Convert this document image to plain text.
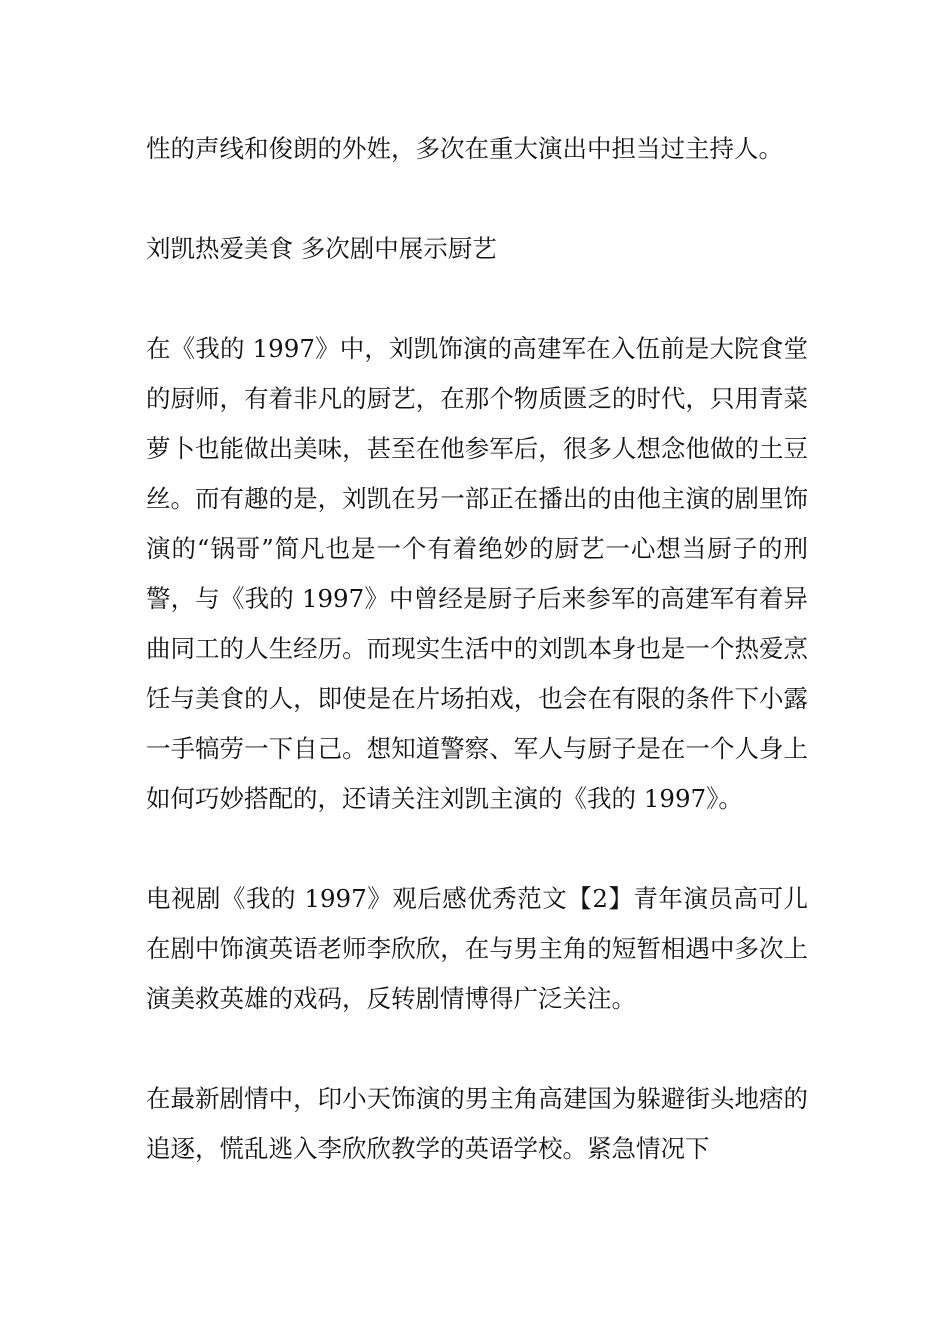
性的声线和俊朗的外姓，多次在重大演出中担当过主持人。

刘凯热爱美食 多次剧中展示厨艺

在《我的 1997》中，刘凯饰演的高建军在入伍前是大院食堂的厨师，有着非凡的厨艺，在那个物质匮乏的时代，只用青菜萝卜也能做出美味，甚至在他参军后，很多人想念他做的土豆丝。而有趣的是，刘凯在另一部正在播出的由他主演的剧里饰演的“锅哥”简凡也是一个有着绝妙的厨艺一心想当厨子的刑警，与《我的 1997》中曾经是厨子后来参军的高建军有着异曲同工的人生经历。而现实生活中的刘凯本身也是一个热爱烹饪与美食的人，即使是在片场拍戏，也会在有限的条件下小露一手犒劳一下自己。想知道警察、军人与厨子是在一个人身上如何巧妙搭配的，还请关注刘凯主演的《我的 1997》。

电视剧《我的 1997》观后感优秀范文【2】青年演员高可儿在剧中饰演英语老师李欣欣，在与男主角的短暂相遇中多次上演美救英雄的戏码，反转剧情博得广泛关注。

在最新剧情中，印小天饰演的男主角高建国为躲避街头地痞的追逐，慌乱逃入李欣欣教学的英语学校。紧急情况下
